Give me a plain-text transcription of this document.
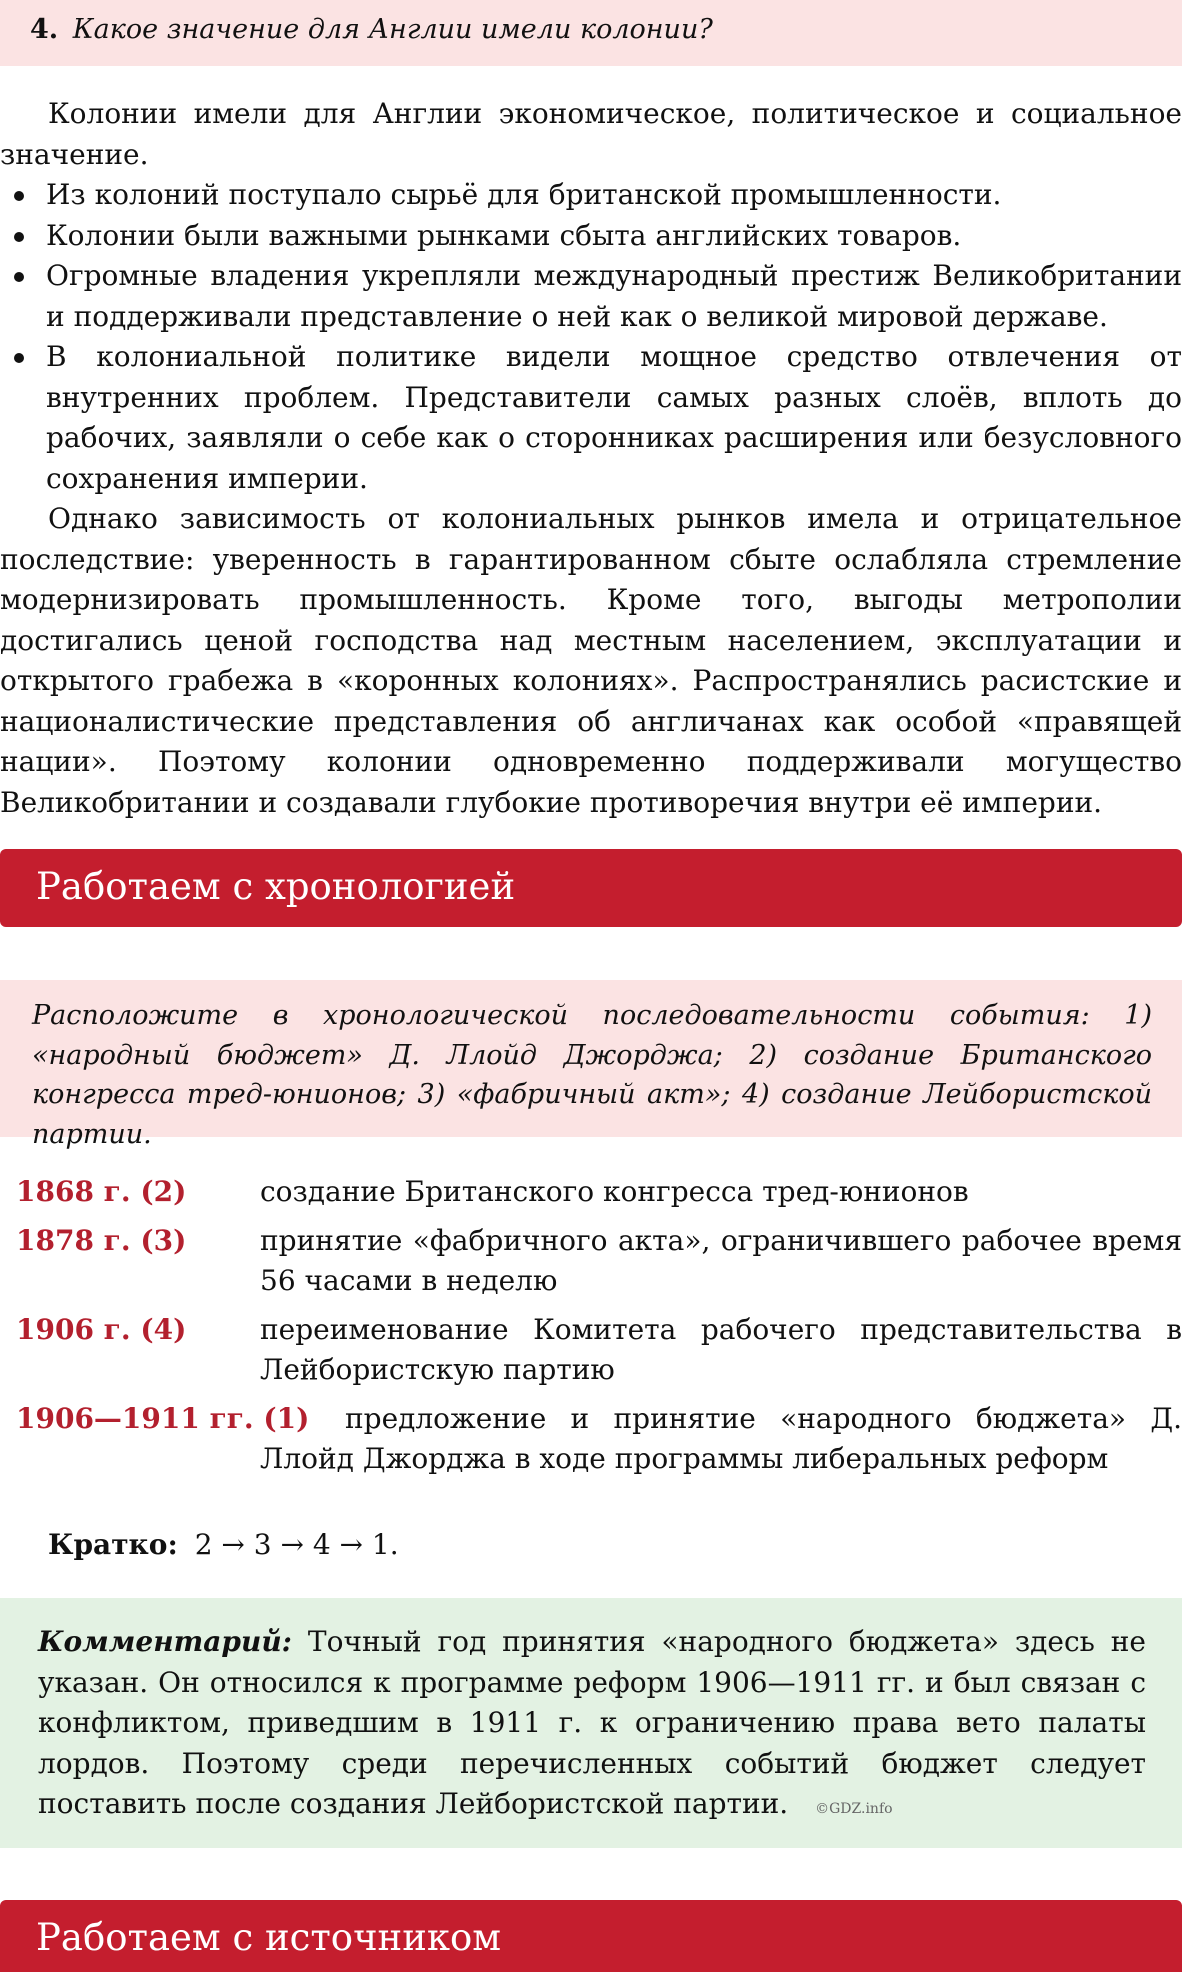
4. Какое значение для Англии имели колонии?

Колонии имели для Англии экономическое, политическое и социальное значение.

Из колоний поступало сырьё для британской промышленности.
Колонии были важными рынками сбыта английских товаров.
Огромные владения укрепляли международный престиж Великобритании и поддерживали представление о ней как о великой мировой державе.
В колониальной политике видели мощное средство отвлечения от внутренних проблем. Представители самых разных слоёв, вплоть до рабочих, заявляли о себе как о сторонниках расширения или безусловного сохранения империи.

Однако зависимость от колониальных рынков имела и отрицательное последствие: уверенность в гарантированном сбыте ослабляла стремление модернизировать промышленность. Кроме того, выгоды метрополии достигались ценой господства над местным населением, эксплуатации и открытого грабежа в «коронных колониях». Распространялись расистские и националистические представления об англичанах как особой «правящей нации». Поэтому колонии одновременно поддерживали могущество Великобритании и создавали глубокие противоречия внутри её империи.

Работаем с хронологией
Расположите в хронологической последовательности события: 1) «народный бюджет» Д. Ллойд Джорджа; 2) создание Британского конгресса тред-юнионов; 3) «фабричный акт»; 4) создание Лейбористской партии.
1868 г. (2)	создание Британского конгресса тред-юнионов
1878 г. (3)	принятие «фабричного акта», ограничившего рабочее время 56 часами в неделю
1906 г. (4)	переименование Комитета рабочего представительства в Лейбористскую партию
1906—1911 гг. (1)	предложение и принятие «народного бюджета» Д. Ллойд Джорджа в ходе программы либеральных реформ
Кратко: 2 → 3 → 4 → 1.
Комментарий: Точный год принятия «народного бюджета» здесь не указан. Он относился к программе реформ 1906—1911 гг. и был связан с конфликтом, приведшим в 1911 г. к ограничению права вето палаты лордов. Поэтому среди перечисленных событий бюджет следует поставить после создания Лейбористской партии. ©GDZ.info
Работаем с источником
